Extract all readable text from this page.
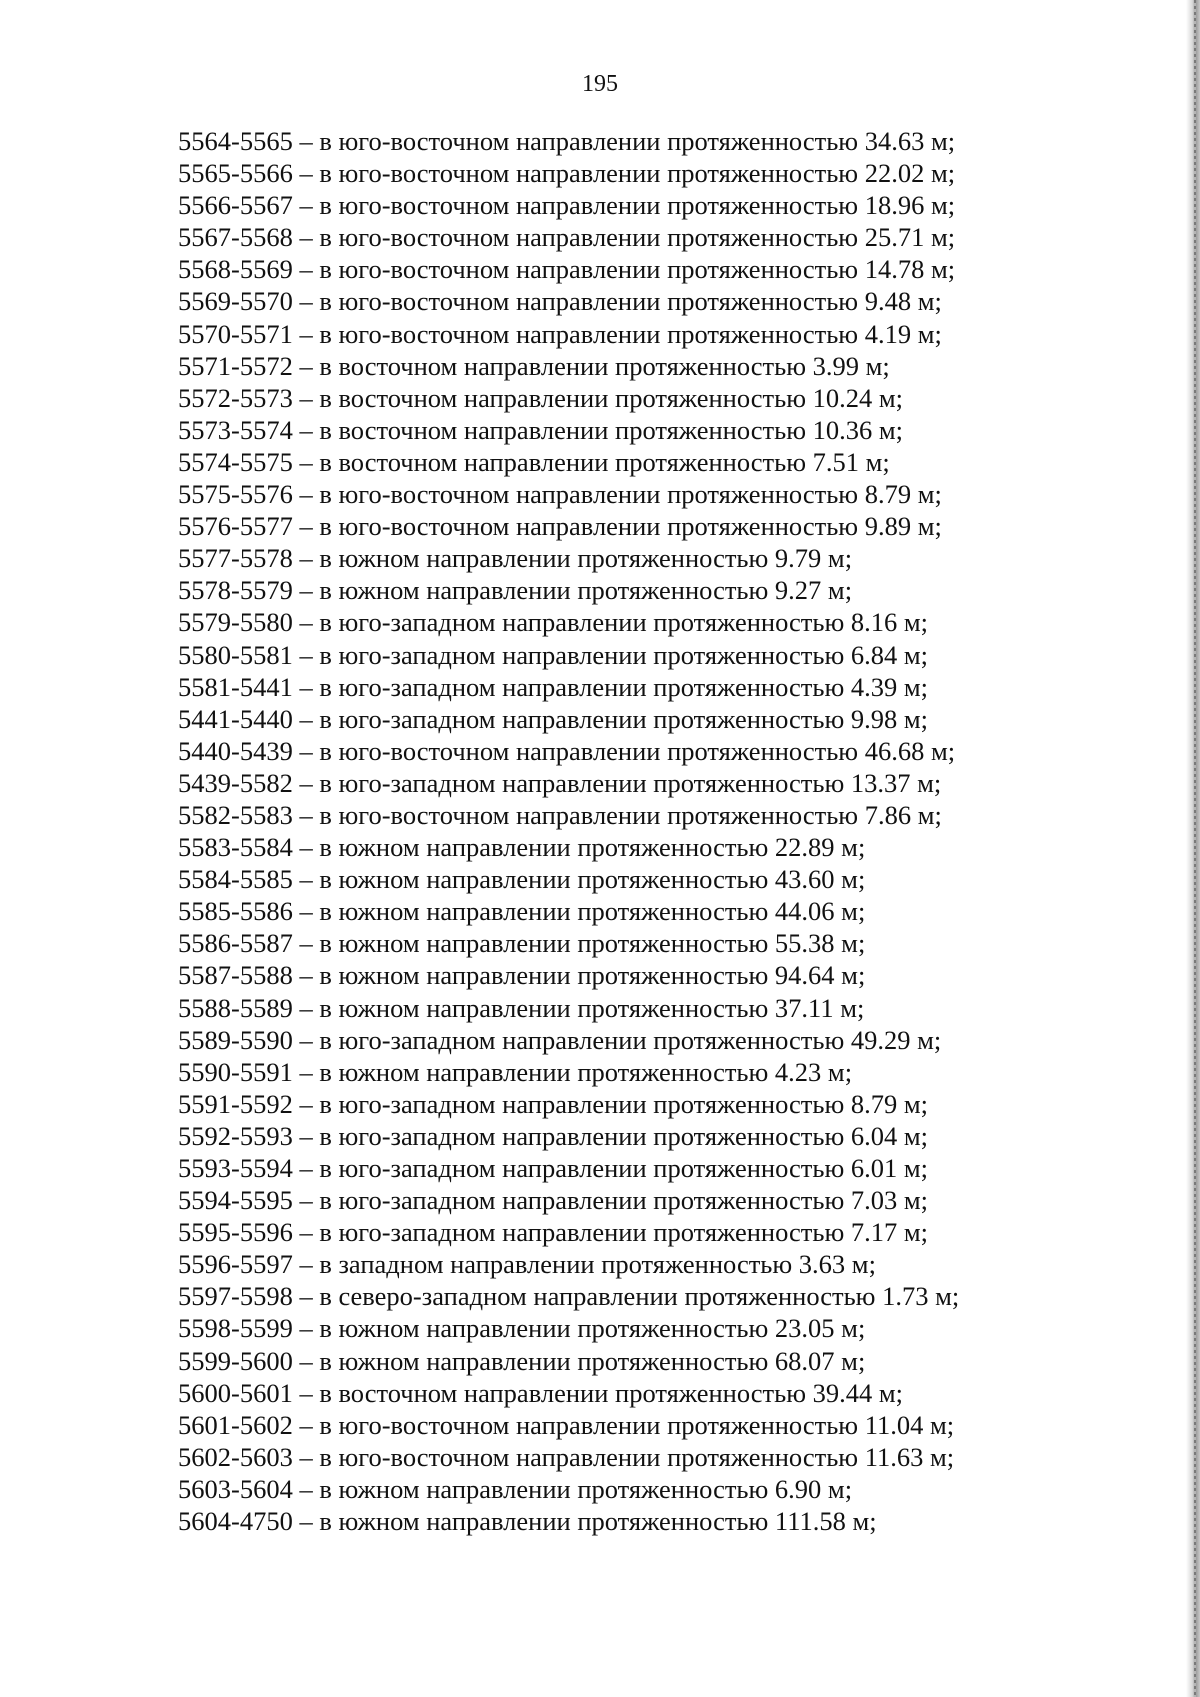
195
5564-5565 – в юго-восточном направлении протяженностью 34.63 м;
5565-5566 – в юго-восточном направлении протяженностью 22.02 м;
5566-5567 – в юго-восточном направлении протяженностью 18.96 м;
5567-5568 – в юго-восточном направлении протяженностью 25.71 м;
5568-5569 – в юго-восточном направлении протяженностью 14.78 м;
5569-5570 – в юго-восточном направлении протяженностью 9.48 м;
5570-5571 – в юго-восточном направлении протяженностью 4.19 м;
5571-5572 – в восточном направлении протяженностью 3.99 м;
5572-5573 – в восточном направлении протяженностью 10.24 м;
5573-5574 – в восточном направлении протяженностью 10.36 м;
5574-5575 – в восточном направлении протяженностью 7.51 м;
5575-5576 – в юго-восточном направлении протяженностью 8.79 м;
5576-5577 – в юго-восточном направлении протяженностью 9.89 м;
5577-5578 – в южном направлении протяженностью 9.79 м;
5578-5579 – в южном направлении протяженностью 9.27 м;
5579-5580 – в юго-западном направлении протяженностью 8.16 м;
5580-5581 – в юго-западном направлении протяженностью 6.84 м;
5581-5441 – в юго-западном направлении протяженностью 4.39 м;
5441-5440 – в юго-западном направлении протяженностью 9.98 м;
5440-5439 – в юго-восточном направлении протяженностью 46.68 м;
5439-5582 – в юго-западном направлении протяженностью 13.37 м;
5582-5583 – в юго-восточном направлении протяженностью 7.86 м;
5583-5584 – в южном направлении протяженностью 22.89 м;
5584-5585 – в южном направлении протяженностью 43.60 м;
5585-5586 – в южном направлении протяженностью 44.06 м;
5586-5587 – в южном направлении протяженностью 55.38 м;
5587-5588 – в южном направлении протяженностью 94.64 м;
5588-5589 – в южном направлении протяженностью 37.11 м;
5589-5590 – в юго-западном направлении протяженностью 49.29 м;
5590-5591 – в южном направлении протяженностью 4.23 м;
5591-5592 – в юго-западном направлении протяженностью 8.79 м;
5592-5593 – в юго-западном направлении протяженностью 6.04 м;
5593-5594 – в юго-западном направлении протяженностью 6.01 м;
5594-5595 – в юго-западном направлении протяженностью 7.03 м;
5595-5596 – в юго-западном направлении протяженностью 7.17 м;
5596-5597 – в западном направлении протяженностью 3.63 м;
5597-5598 – в северо-западном направлении протяженностью 1.73 м;
5598-5599 – в южном направлении протяженностью 23.05 м;
5599-5600 – в южном направлении протяженностью 68.07 м;
5600-5601 – в восточном направлении протяженностью 39.44 м;
5601-5602 – в юго-восточном направлении протяженностью 11.04 м;
5602-5603 – в юго-восточном направлении протяженностью 11.63 м;
5603-5604 – в южном направлении протяженностью 6.90 м;
5604-4750 – в южном направлении протяженностью 111.58 м;
